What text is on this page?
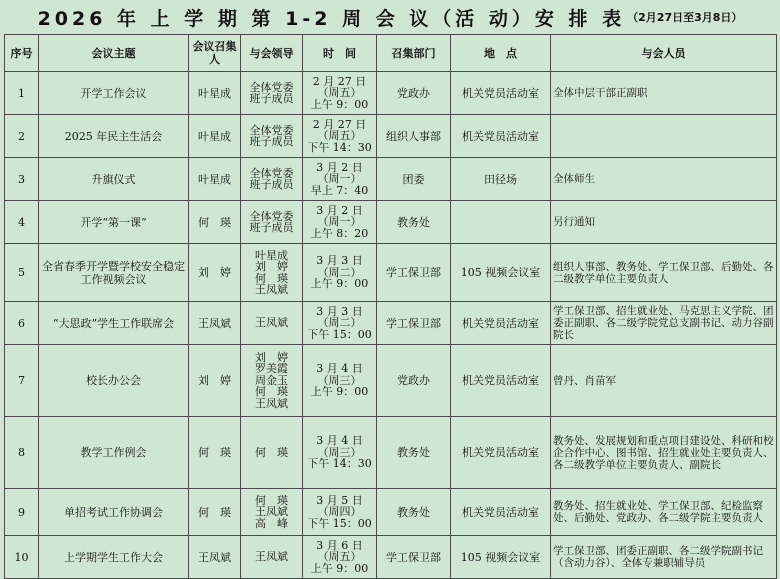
2026 年 上 学 期 第 1-2 周 会 议（活 动）安 排 表 （2月27日至3月8日）
序号	会议主题	会议召集人	与会领导	时　间	召集部门	地　点	与会人员
1	开学工作会议	叶星成	全体党委
班子成员	2 月 27 日
（周五）
上午 9：00	党政办	机关党员活动室	全体中层干部正副职
2	2025 年民主生活会	叶星成	全体党委
班子成员	2 月 27 日
（周五）
下午 14：30	组织人事部	机关党员活动室	
3	升旗仪式	叶星成	全体党委
班子成员	3 月 2 日
（周一）
早上 7：40	团委	田径场	全体师生
4	开学“第一课”	何　瑛	全体党委
班子成员	3 月 2 日
（周一）
上午 8：20	教务处		另行通知
5	全省春季开学暨学校安全稳定工作视频会议	刘　婷	叶星成
刘　婷
何　瑛
王凤斌	3 月 3 日
（周二）
上午 9：00	学工保卫部	105 视频会议室	组织人事部、教务处、学工保卫部、后勤处、各二级教学单位主要负责人
6	“大思政”学生工作联席会	王凤斌	王凤斌	3 月 3 日
（周二）
下午 15：00	学工保卫部	机关党员活动室	学工保卫部、招生就业处、马克思主义学院、团委正副职、各二级学院党总支副书记、动力谷副院长
7	校长办公会	刘　婷	刘　婷
罗美霞
周金玉
何　瑛
王凤斌	3 月 4 日
（周三）
上午 9：00	党政办	机关党员活动室	曾丹、肖苗军
8	教学工作例会	何　瑛	何　瑛	3 月 4 日
（周三）
下午 14：30	教务处	机关党员活动室	教务处、发展规划和重点项目建设处、科研和校企合作中心、图书馆、招生就业处主要负责人、各二级教学单位主要负责人、副院长
9	单招考试工作协调会	何　瑛	何　瑛
王凤斌
高　峰	3 月 5 日
（周四）
下午 15：00	教务处	机关党员活动室	教务处、招生就业处、学工保卫部、纪检监察处、后勤处、党政办、各二级学院主要负责人
10	上学期学生工作大会	王凤斌	王凤斌	3 月 6 日
（周五）
上午 9：00	学工保卫部	105 视频会议室	学工保卫部、团委正副职、各二级学院副书记（含动力谷）、全体专兼职辅导员
